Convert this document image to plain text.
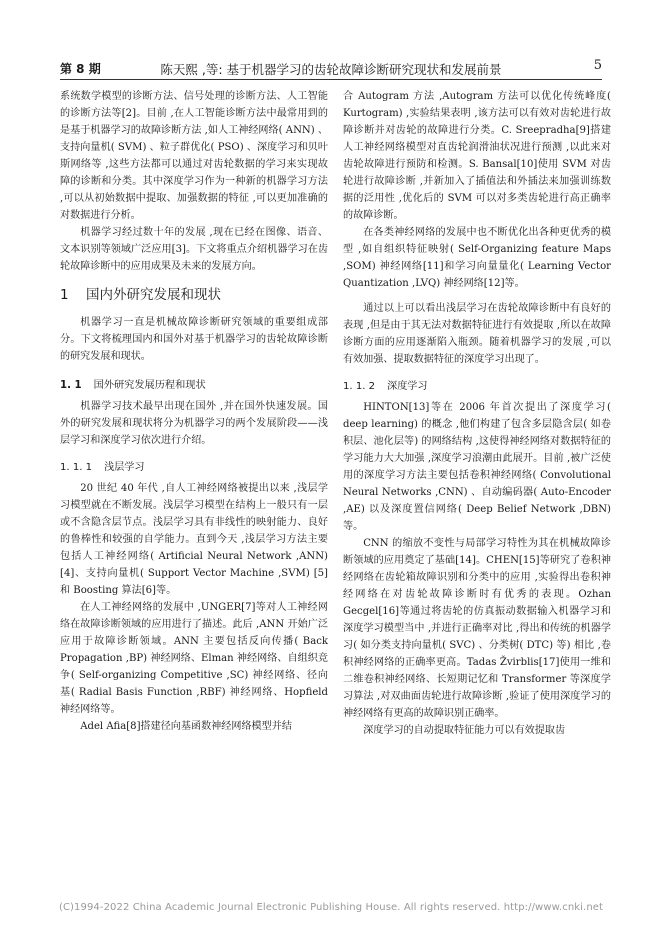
第 8 期	陈天熙 ,等: 基于机器学习的齿轮故障诊断研究现状和发展前景	5

系统数学模型的诊断方法、信号处理的诊断方法、人工智能的诊断方法等[2]。目前 ,在人工智能诊断方法中最常用到的是基于机器学习的故障诊断方法 ,如人工神经网络( ANN) 、支持向量机( SVM) 、粒子群优化( PSO) 、深度学习和贝叶斯网络等 ,这些方法都可以通过对齿轮数据的学习来实现故障的诊断和分类。其中深度学习作为一种新的机器学习方法 ,可以从初始数据中提取、加强数据的特征 ,可以更加准确的对数据进行分析。

机器学习经过数十年的发展 ,现在已经在图像、语音、文本识别等领域广泛应用[3]。下文将重点介绍机器学习在齿轮故障诊断中的应用成果及未来的发展方向。

1 国内外研究发展和现状

机器学习一直是机械故障诊断研究领域的重要组成部分。下文将梳理国内和国外对基于机器学习的齿轮故障诊断的研究发展和现状。

1. 1 国外研究发展历程和现状

机器学习技术最早出现在国外 ,并在国外快速发展。国外的研究发展和现状将分为机器学习的两个发展阶段——浅层学习和深度学习依次进行介绍。

1. 1. 1 浅层学习

20 世纪 40 年代 ,自人工神经网络被提出以来 ,浅层学习模型就在不断发展。浅层学习模型在结构上一般只有一层或不含隐含层节点。浅层学习具有非线性的映射能力、良好的鲁棒性和较强的自学能力。直到今天 ,浅层学习方法主要包括人工神经网络( Artificial Neural Network ,ANN) [4]、支持向量机( Support Vector Machine ,SVM) [5] 和 Boosting 算法[6]等。

在人工神经网络的发展中 ,UNGER[7]等对人工神经网络在故障诊断领域的应用进行了描述。此后 ,ANN 开始广泛应用于故障诊断领域。ANN 主要包括反向传播( Back Propagation ,BP) 神经网络、Elman 神经网络、自组织竞争( Self-organizing Competitive ,SC) 神经网络、径向基( Radial Basis Function ,RBF) 神经网络、Hopfield 神经网络等。

Adel Afia[8]搭建径向基函数神经网络模型并结

合 Autogram 方法 ,Autogram 方法可以优化传统峰度( Kurtogram) ,实验结果表明 ,该方法可以有效对齿轮进行故障诊断并对齿轮的故障进行分类。C. Sreepradha[9]搭建人工神经网络模型对直齿轮润滑油状况进行预测 ,以此来对齿轮故障进行预防和检测。S. Bansal[10]使用 SVM 对齿轮进行故障诊断 ,并新加入了插值法和外插法来加强训练数据的泛用性 ,优化后的 SVM 可以对多类齿轮进行高正确率的故障诊断。

在各类神经网络的发展中也不断优化出各种更优秀的模型 ,如自组织特征映射( Self-Organizing feature Maps ,SOM) 神经网络[11]和学习向量量化( Learning Vector Quantization ,LVQ) 神经网络[12]等。

通过以上可以看出浅层学习在齿轮故障诊断中有良好的表现 ,但是由于其无法对数据特征进行有效提取 ,所以在故障诊断方面的应用逐渐陷入瓶颈。随着机器学习的发展 ,可以有效加强、提取数据特征的深度学习出现了。

1. 1. 2 深度学习

HINTON[13]等在 2006 年首次提出了深度学习( deep learning) 的概念 ,他们构建了包含多层隐含层( 如卷积层、池化层等) 的网络结构 ,这使得神经网络对数据特征的学习能力大大加强 ,深度学习浪潮由此展开。目前 ,被广泛使用的深度学习方法主要包括卷积神经网络( Convolutional Neural Networks ,CNN) 、自动编码器( Auto-Encoder ,AE) 以及深度置信网络( Deep Belief Network ,DBN) 等。

CNN 的缩放不变性与局部学习特性为其在机械故障诊断领域的应用奠定了基础[14]。CHEN[15]等研究了卷积神经网络在齿轮箱故障识别和分类中的应用 ,实验得出卷积神经网络在对齿轮故障诊断时有优秀的表现。Ozhan Gecgel[16]等通过将齿轮的仿真振动数据输入机器学习和深度学习模型当中 ,并进行正确率对比 ,得出和传统的机器学习( 如分类支持向量机( SVC) 、分类树( DTC) 等) 相比 ,卷积神经网络的正确率更高。Tadas Žvirblis[17]使用一维和二维卷积神经网络、长短期记忆和 Transformer 等深度学习算法 ,对双曲面齿轮进行故障诊断 ,验证了使用深度学习的神经网络有更高的故障识别正确率。

深度学习的自动提取特征能力可以有效提取齿

(C)1994-2022 China Academic Journal Electronic Publishing House. All rights reserved. http://www.cnki.net
